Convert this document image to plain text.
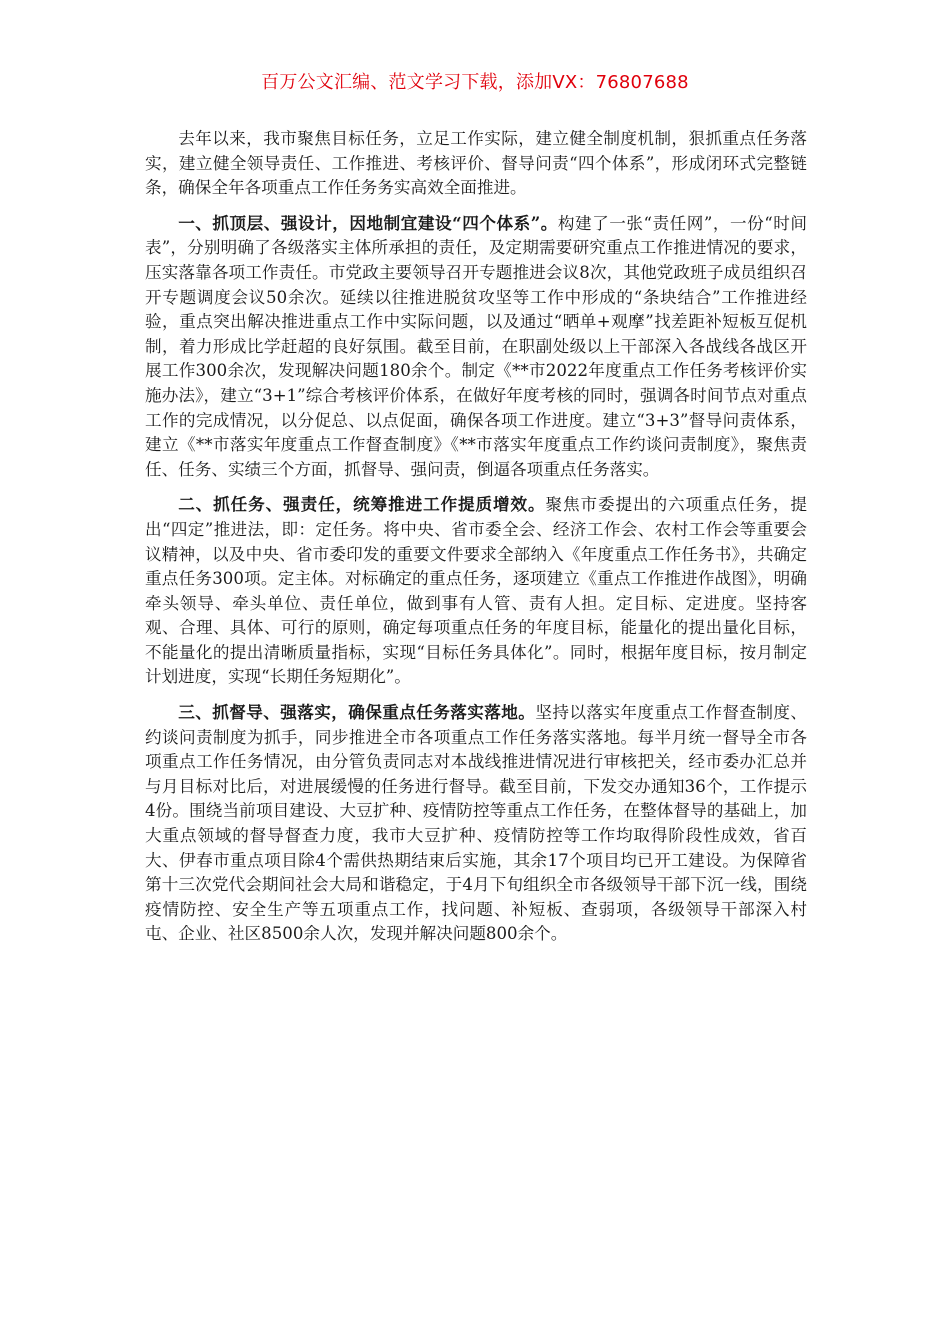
百万公文汇编、范文学习下载，添加VX：76807688

去年以来，我市聚焦目标任务，立足工作实际，建立健全制度机制，狠抓重点任务落实，建立健全领导责任、工作推进、考核评价、督导问责“四个体系”，形成闭环式完整链条，确保全年各项重点工作任务务实高效全面推进。

一、抓顶层、强设计，因地制宜建设“四个体系”。构建了一张“责任网”，一份“时间表”，分别明确了各级落实主体所承担的责任，及定期需要研究重点工作推进情况的要求，压实落靠各项工作责任。市党政主要领导召开专题推进会议8次，其他党政班子成员组织召开专题调度会议50余次。延续以往推进脱贫攻坚等工作中形成的“条块结合”工作推进经验，重点突出解决推进重点工作中实际问题，以及通过“晒单+观摩”找差距补短板互促机制，着力形成比学赶超的良好氛围。截至目前，在职副处级以上干部深入各战线各战区开展工作300余次，发现解决问题180余个。制定《**市2022年度重点工作任务考核评价实施办法》，建立“3+1”综合考核评价体系，在做好年度考核的同时，强调各时间节点对重点工作的完成情况，以分促总、以点促面，确保各项工作进度。建立“3+3”督导问责体系，建立《**市落实年度重点工作督查制度》《**市落实年度重点工作约谈问责制度》，聚焦责任、任务、实绩三个方面，抓督导、强问责，倒逼各项重点任务落实。

二、抓任务、强责任，统筹推进工作提质增效。聚焦市委提出的六项重点任务，提出“四定”推进法，即：定任务。将中央、省市委全会、经济工作会、农村工作会等重要会议精神，以及中央、省市委印发的重要文件要求全部纳入《年度重点工作任务书》，共确定重点任务300项。定主体。对标确定的重点任务，逐项建立《重点工作推进作战图》，明确牵头领导、牵头单位、责任单位，做到事有人管、责有人担。定目标、定进度。坚持客观、合理、具体、可行的原则，确定每项重点任务的年度目标，能量化的提出量化目标，不能量化的提出清晰质量指标，实现“目标任务具体化”。同时，根据年度目标，按月制定计划进度，实现“长期任务短期化”。

三、抓督导、强落实，确保重点任务落实落地。坚持以落实年度重点工作督查制度、约谈问责制度为抓手，同步推进全市各项重点工作任务落实落地。每半月统一督导全市各项重点工作任务情况，由分管负责同志对本战线推进情况进行审核把关，经市委办汇总并与月目标对比后，对进展缓慢的任务进行督导。截至目前，下发交办通知36个，工作提示4份。围绕当前项目建设、大豆扩种、疫情防控等重点工作任务，在整体督导的基础上，加大重点领域的督导督查力度，我市大豆扩种、疫情防控等工作均取得阶段性成效，省百大、伊春市重点项目除4个需供热期结束后实施，其余17个项目均已开工建设。为保障省第十三次党代会期间社会大局和谐稳定，于4月下旬组织全市各级领导干部下沉一线，围绕疫情防控、安全生产等五项重点工作，找问题、补短板、查弱项，各级领导干部深入村屯、企业、社区8500余人次，发现并解决问题800余个。
